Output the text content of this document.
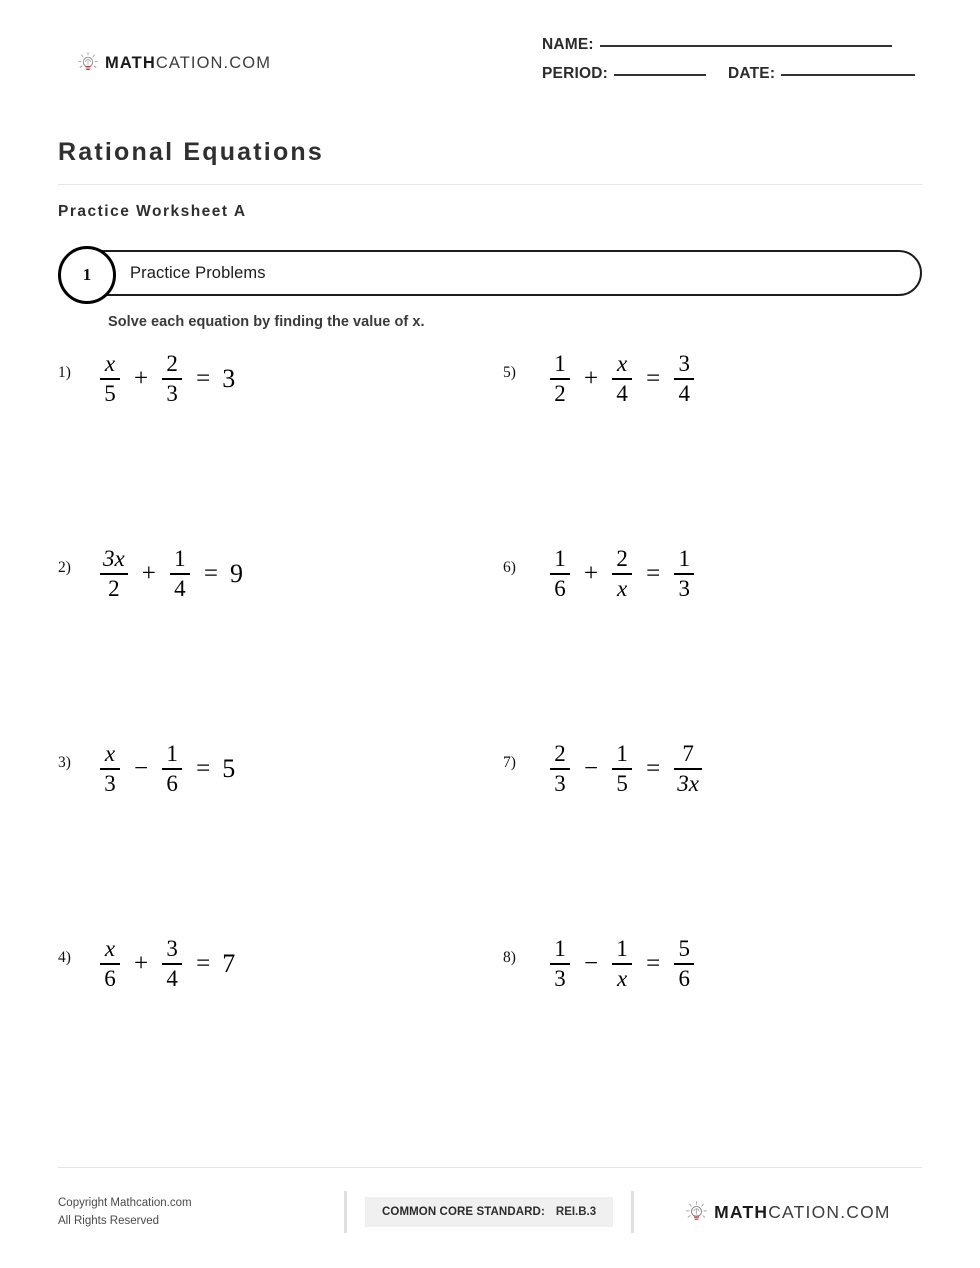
MATHCATION.COM
NAME:
PERIOD:	DATE:
Rational Equations
Practice Worksheet A
Practice Problems
1
Solve each equation by finding the value of x.
1)	$\frac{x}{5} + \frac{2}{3} = 3$	5)	$\frac{1}{2} + \frac{x}{4} = \frac{3}{4}$
2)	$\frac{3x}{2} + \frac{1}{4} = 9$	6)	$\frac{1}{6} + \frac{2}{x} = \frac{1}{3}$
3)	$\frac{x}{3} - \frac{1}{6} = 5$	7)	$\frac{2}{3} - \frac{1}{5} = \frac{7}{3x}$
4)	$\frac{x}{6} + \frac{3}{4} = 7$	8)	$\frac{1}{3} - \frac{1}{x} = \frac{5}{6}$
Copyright Mathcation.com
All Rights Reserved
COMMON CORE STANDARD: REI.B.3	MATHCATION.COM
